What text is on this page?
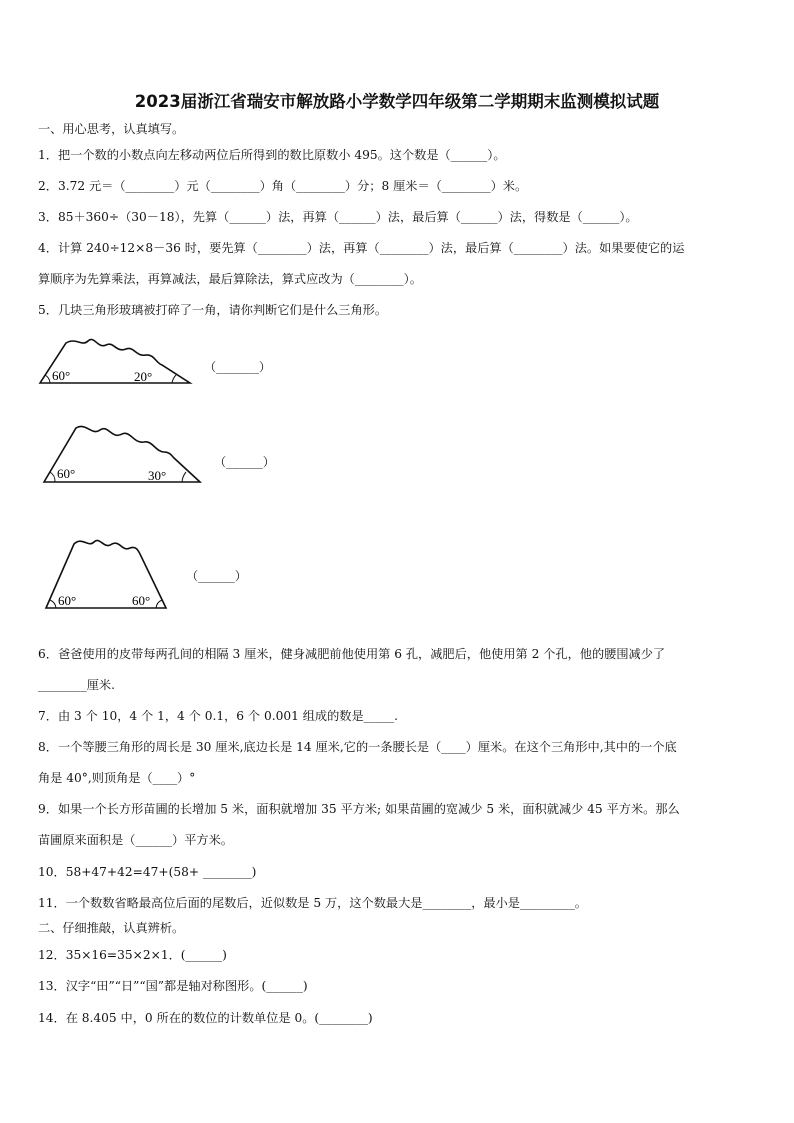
2023届浙江省瑞安市解放路小学数学四年级第二学期期末监测模拟试题
一、用心思考，认真填写。
1．把一个数的小数点向左移动两位后所得到的数比原数小 495。这个数是（______）。
2．3.72 元＝（________）元（________）角（________）分；8 厘米＝（________）米。
3．85＋360÷（30－18），先算（______）法，再算（______）法，最后算（______）法，得数是（______）。
4．计算 240÷12×8－36 时，要先算（________）法，再算（________）法，最后算（________）法。如果要使它的运
算顺序为先算乘法，再算减法，最后算除法，算式应改为（________）。
5．几块三角形玻璃被打碎了一角，请你判断它们是什么三角形。
60°	20°
（_______）
60°	30°
（______）
60°	60°
（______）
6．爸爸使用的皮带每两孔间的相隔 3 厘米，健身减肥前他使用第 6 孔，减肥后，他使用第 2 个孔，他的腰围减少了
________厘米.
7．由 3 个 10，4 个 1，4 个 0.1，6 个 0.001 组成的数是_____.
8．一个等腰三角形的周长是 30 厘米,底边长是 14 厘米,它的一条腰长是（____）厘米。在这个三角形中,其中的一个底
角是 40°,则顶角是（____）°
9．如果一个长方形苗圃的长增加 5 米，面积就增加 35 平方米; 如果苗圃的宽减少 5 米，面积就减少 45 平方米。那么
苗圃原来面积是（______）平方米。
10．58+47+42=47+(58+ ________)
11．一个数数省略最高位后面的尾数后，近似数是 5 万，这个数最大是________，最小是_________。
二、仔细推敲，认真辨析。
12．35×16=35×2×1．(______)
13．汉字“田”“日”“国”都是轴对称图形。(______)
14．在 8.405 中，0 所在的数位的计数单位是 0。(________)
